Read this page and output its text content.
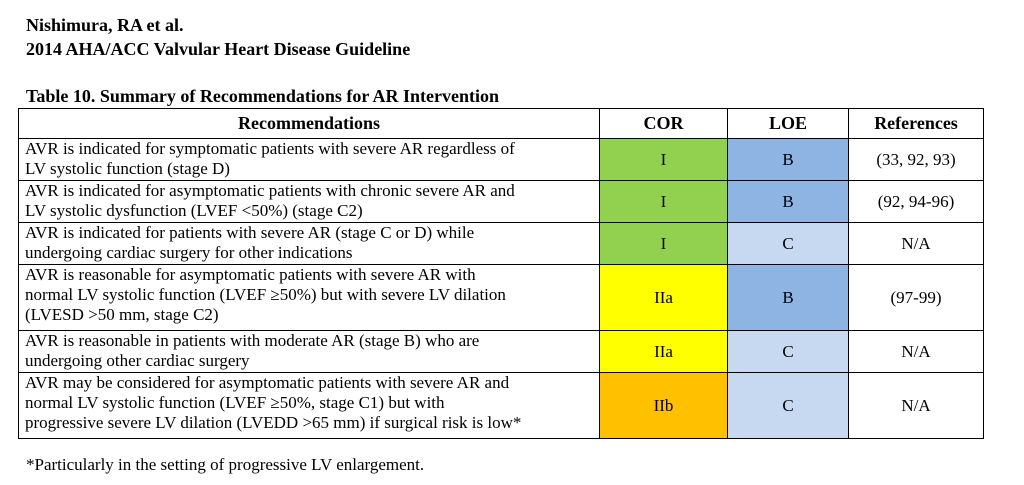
Nishimura, RA et al.
2014 AHA/ACC Valvular Heart Disease Guideline
Table 10. Summary of Recommendations for AR Intervention
Recommendations	COR	LOE	References

AVR is indicated for symptomatic patients with severe AR regardless of
LV systolic function (stage D)	I	B	(33, 92, 93)

AVR is indicated for asymptomatic patients with chronic severe AR and
LV systolic dysfunction (LVEF <50%) (stage C2)	I	B	(92, 94-96)

AVR is indicated for patients with severe AR (stage C or D) while
undergoing cardiac surgery for other indications	I	C	N/A

AVR is reasonable for asymptomatic patients with severe AR with
normal LV systolic function (LVEF ≥50%) but with severe LV dilation
(LVESD >50 mm, stage C2)	IIa	B	(97-99)

AVR is reasonable in patients with moderate AR (stage B) who are
undergoing other cardiac surgery	IIa	C	N/A

AVR may be considered for asymptomatic patients with severe AR and
normal LV systolic function (LVEF ≥50%, stage C1) but with
progressive severe LV dilation (LVEDD >65 mm) if surgical risk is low*	IIb	C	N/A
*Particularly in the setting of progressive LV enlargement.
